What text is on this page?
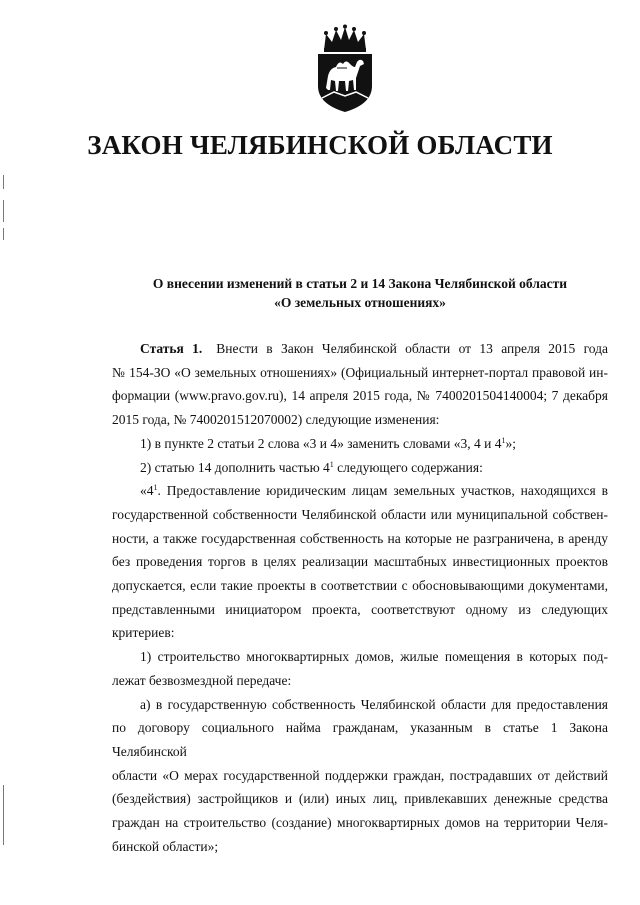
ЗАКОН ЧЕЛЯБИНСКОЙ ОБЛАСТИ
О внесении изменений в статьи 2 и 14 Закона Челябинской области
«О земельных отношениях»

Статья 1. Внести в Закон Челябинской области от 13 апреля 2015 года

№ 154-ЗО «О земельных отношениях» (Официальный интернет-портал правовой ин-

формации (www.pravo.gov.ru), 14 апреля 2015 года, № 7400201504140004; 7 декабря

2015 года, № 7400201512070002) следующие изменения:

1) в пункте 2 статьи 2 слова «3 и 4» заменить словами «3, 4 и $4^1$»;

2) статью 14 дополнить частью $4^1$ следующего содержания:

«$4^1$. Предоставление юридическим лицам земельных участков, находящихся в

государственной собственности Челябинской области или муниципальной собствен-

ности, а также государственная собственность на которые не разграничена, в аренду

без проведения торгов в целях реализации масштабных инвестиционных проектов

допускается, если такие проекты в соответствии с обосновывающими документами,

представленными инициатором проекта, соответствуют одному из следующих

критериев:

1) строительство многоквартирных домов, жилые помещения в которых под-

лежат безвозмездной передаче:

а) в государственную собственность Челябинской области для предоставления

по договору социального найма гражданам, указанным в статье 1 Закона Челябинской

области «О мерах государственной поддержки граждан, пострадавших от действий

(бездействия) застройщиков и (или) иных лиц, привлекавших денежные средства

граждан на строительство (создание) многоквартирных домов на территории Челя-

бинской области»;
